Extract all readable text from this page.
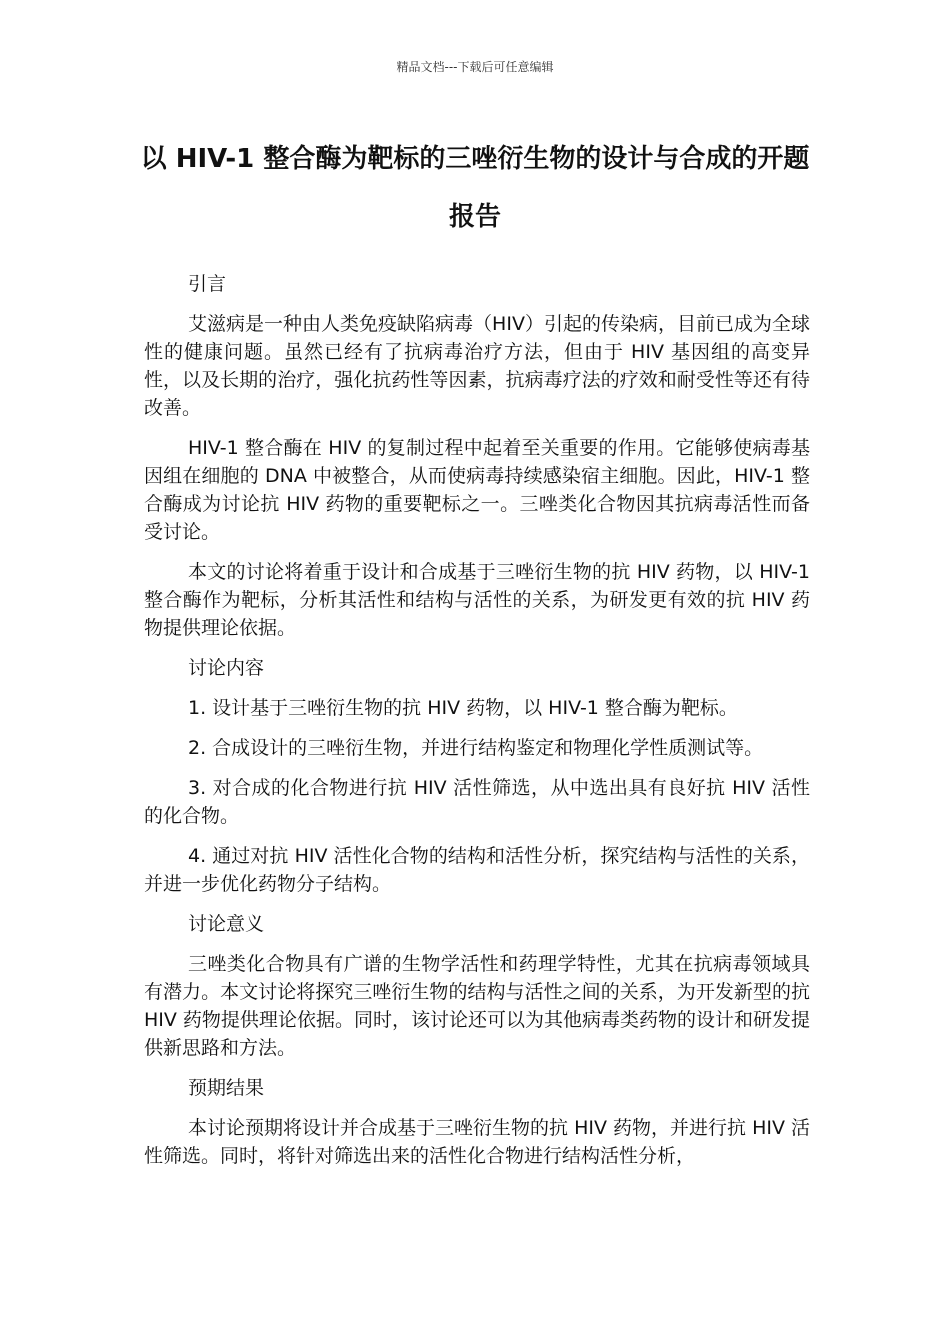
精品文档---下载后可任意编辑
以 HIV-1 整合酶为靶标的三唑衍生物的设计与合成的开题报告

引言

艾滋病是一种由人类免疫缺陷病毒（HIV）引起的传染病，目前已成为全球性的健康问题。虽然已经有了抗病毒治疗方法，但由于 HIV 基因组的高变异性，以及长期的治疗，强化抗药性等因素，抗病毒疗法的疗效和耐受性等还有待改善。

HIV-1 整合酶在 HIV 的复制过程中起着至关重要的作用。它能够使病毒基因组在细胞的 DNA 中被整合，从而使病毒持续感染宿主细胞。因此，HIV-1 整合酶成为讨论抗 HIV 药物的重要靶标之一。三唑类化合物因其抗病毒活性而备受讨论。

本文的讨论将着重于设计和合成基于三唑衍生物的抗 HIV 药物，以 HIV-1 整合酶作为靶标，分析其活性和结构与活性的关系，为研发更有效的抗 HIV 药物提供理论依据。

讨论内容

1. 设计基于三唑衍生物的抗 HIV 药物，以 HIV-1 整合酶为靶标。

2. 合成设计的三唑衍生物，并进行结构鉴定和物理化学性质测试等。

3. 对合成的化合物进行抗 HIV 活性筛选，从中选出具有良好抗 HIV 活性的化合物。

4. 通过对抗 HIV 活性化合物的结构和活性分析，探究结构与活性的关系，并进一步优化药物分子结构。

讨论意义

三唑类化合物具有广谱的生物学活性和药理学特性，尤其在抗病毒领域具有潜力。本文讨论将探究三唑衍生物的结构与活性之间的关系，为开发新型的抗 HIV 药物提供理论依据。同时，该讨论还可以为其他病毒类药物的设计和研发提供新思路和方法。

预期结果

本讨论预期将设计并合成基于三唑衍生物的抗 HIV 药物，并进行抗 HIV 活性筛选。同时，将针对筛选出来的活性化合物进行结构活性分析，
